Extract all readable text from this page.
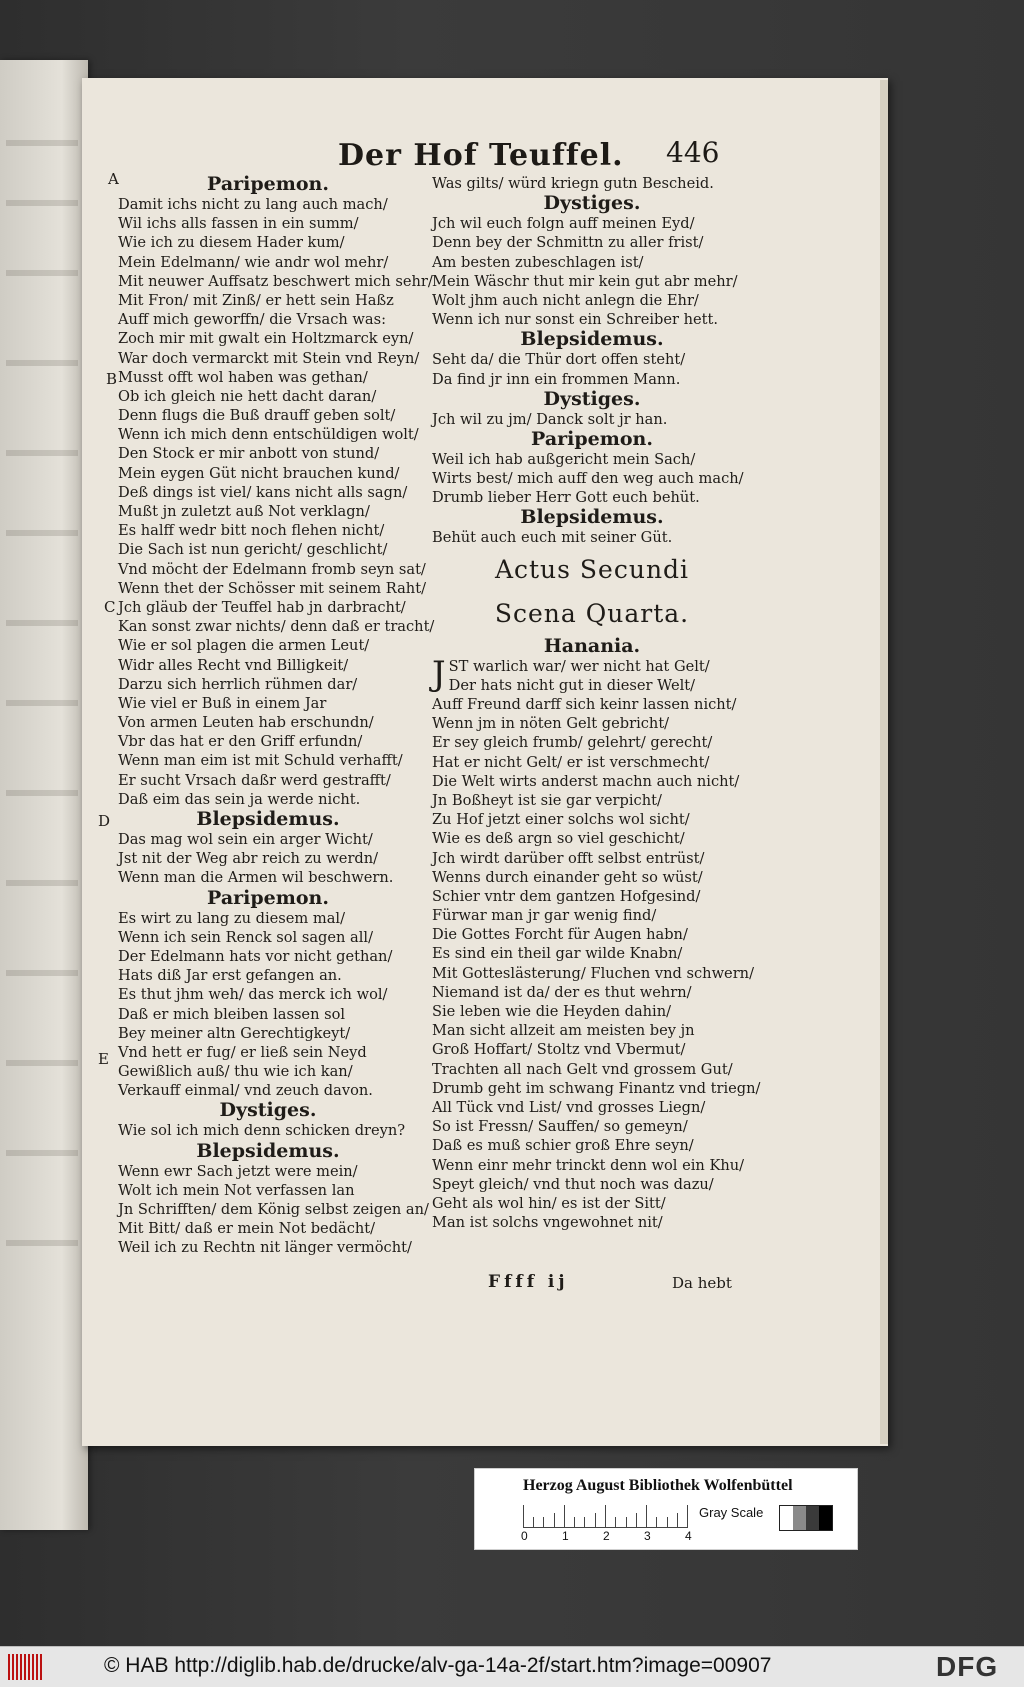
Der Hof Teuffel. 446
A
B
C
D
E
Paripemon.
Damit ichs nicht zu lang auch mach/
Wil ichs alls fassen in ein summ/
Wie ich zu diesem Hader kum/
Mein Edelmann/ wie andr wol mehr/
Mit neuwer Auffsatz beschwert mich sehr/
Mit Fron/ mit Zinß/ er hett sein Haßz
Auff mich geworffn/ die Vrsach was:
Zoch mir mit gwalt ein Holtzmarck eyn/
War doch vermarckt mit Stein vnd Reyn/
Musst offt wol haben was gethan/
Ob ich gleich nie hett dacht daran/
Denn flugs die Buß drauff geben solt/
Wenn ich mich denn entschüldigen wolt/
Den Stock er mir anbott von stund/
Mein eygen Güt nicht brauchen kund/
Deß dings ist viel/ kans nicht alls sagn/
Mußt jn zuletzt auß Not verklagn/
Es halff wedr bitt noch flehen nicht/
Die Sach ist nun gericht/ geschlicht/
Vnd möcht der Edelmann fromb seyn sat/
Wenn thet der Schösser mit seinem Raht/
Jch gläub der Teuffel hab jn darbracht/
Kan sonst zwar nichts/ denn daß er tracht/
Wie er sol plagen die armen Leut/
Widr alles Recht vnd Billigkeit/
Darzu sich herrlich rühmen dar/
Wie viel er Buß in einem Jar
Von armen Leuten hab erschundn/
Vbr das hat er den Griff erfundn/
Wenn man eim ist mit Schuld verhafft/
Er sucht Vrsach daßr werd gestrafft/
Daß eim das sein ja werde nicht.
Blepsidemus.
Das mag wol sein ein arger Wicht/
Jst nit der Weg abr reich zu werdn/
Wenn man die Armen wil beschwern.
Paripemon.
Es wirt zu lang zu diesem mal/
Wenn ich sein Renck sol sagen all/
Der Edelmann hats vor nicht gethan/
Hats diß Jar erst gefangen an.
Es thut jhm weh/ das merck ich wol/
Daß er mich bleiben lassen sol
Bey meiner altn Gerechtigkeyt/
Vnd hett er fug/ er ließ sein Neyd
Gewißlich auß/ thu wie ich kan/
Verkauff einmal/ vnd zeuch davon.
Dystiges.
Wie sol ich mich denn schicken dreyn?
Blepsidemus.
Wenn ewr Sach jetzt were mein/
Wolt ich mein Not verfassen lan
Jn Schrifften/ dem König selbst zeigen an/
Mit Bitt/ daß er mein Not bedächt/
Weil ich zu Rechtn nit länger vermöcht/
Was gilts/ würd kriegn gutn Bescheid.
Dystiges.
Jch wil euch folgn auff meinen Eyd/
Denn bey der Schmittn zu aller frist/
Am besten zubeschlagen ist/
Mein Wäschr thut mir kein gut abr mehr/
Wolt jhm auch nicht anlegn die Ehr/
Wenn ich nur sonst ein Schreiber hett.
Blepsidemus.
Seht da/ die Thür dort offen steht/
Da find jr inn ein frommen Mann.
Dystiges.
Jch wil zu jm/ Danck solt jr han.
Paripemon.
Weil ich hab außgericht mein Sach/
Wirts best/ mich auff den weg auch mach/
Drumb lieber Herr Gott euch behüt.
Blepsidemus.
Behüt auch euch mit seiner Güt.
Actus Secundi
Scena Quarta.
Hanania.
J ST warlich war/ wer nicht hat Gelt/
Der hats nicht gut in dieser Welt/
Auff Freund darff sich keinr lassen nicht/
Wenn jm in nöten Gelt gebricht/
Er sey gleich frumb/ gelehrt/ gerecht/
Hat er nicht Gelt/ er ist verschmecht/
Die Welt wirts anderst machn auch nicht/
Jn Boßheyt ist sie gar verpicht/
Zu Hof jetzt einer solchs wol sicht/
Wie es deß argn so viel geschicht/
Jch wirdt darüber offt selbst entrüst/
Wenns durch einander geht so wüst/
Schier vntr dem gantzen Hofgesind/
Fürwar man jr gar wenig find/
Die Gottes Forcht für Augen habn/
Es sind ein theil gar wilde Knabn/
Mit Gotteslästerung/ Fluchen vnd schwern/
Niemand ist da/ der es thut wehrn/
Sie leben wie die Heyden dahin/
Man sicht allzeit am meisten bey jn
Groß Hoffart/ Stoltz vnd Vbermut/
Trachten all nach Gelt vnd grossem Gut/
Drumb geht im schwang Finantz vnd triegn/
All Tück vnd List/ vnd grosses Liegn/
So ist Fressn/ Sauffen/ so gemeyn/
Daß es muß schier groß Ehre seyn/
Wenn einr mehr trinckt denn wol ein Khu/
Speyt gleich/ vnd thut noch was dazu/
Geht als wol hin/ es ist der Sitt/
Man ist solchs vngewohnet nit/
Ffff ij	Da hebt
Herzog August Bibliothek Wolfenbüttel
0	1	2	3	4
Gray Scale
© HAB http://diglib.hab.de/drucke/alv-ga-14a-2f/start.htm?image=00907	DFG
